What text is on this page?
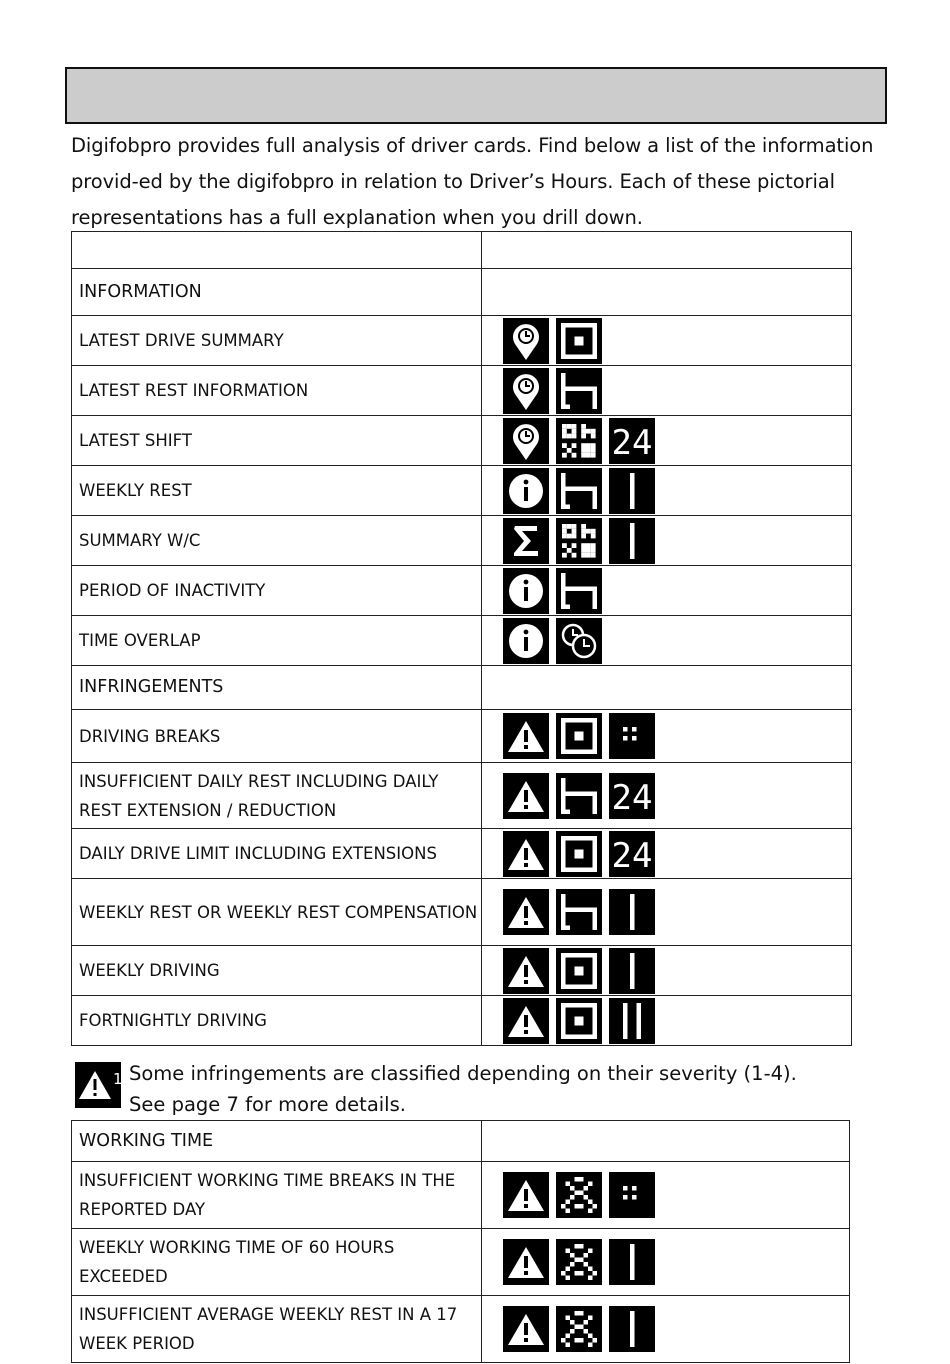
Digifobpro provides full analysis of driver cards. Find below a list of the information provid-ed by the digifobpro in relation to Driver’s Hours. Each of these pictorial representations has a full explanation when you drill down.

INFORMATION	

LATEST DRIVE SUMMARY

LATEST REST INFORMATION

LATEST SHIFT	24

WEEKLY REST

SUMMARY W/C

PERIOD OF INACTIVITY

TIME OVERLAP

INFRINGEMENTS	

DRIVING BREAKS

INSUFFICIENT DAILY REST INCLUDING DAILY REST EXTENSION / REDUCTION	24

DAILY DRIVE LIMIT INCLUDING EXTENSIONS	24

WEEKLY REST OR WEEKLY REST COMPENSATION

WEEKLY DRIVING

FORTNIGHTLY DRIVING

1 Some infringements are classified depending on their severity (1-4).
See page 7 for more details.
WORKING TIME	

INSUFFICIENT WORKING TIME BREAKS IN THE REPORTED DAY

WEEKLY WORKING TIME OF 60 HOURS EXCEEDED

INSUFFICIENT AVERAGE WEEKLY REST IN A 17 WEEK PERIOD
